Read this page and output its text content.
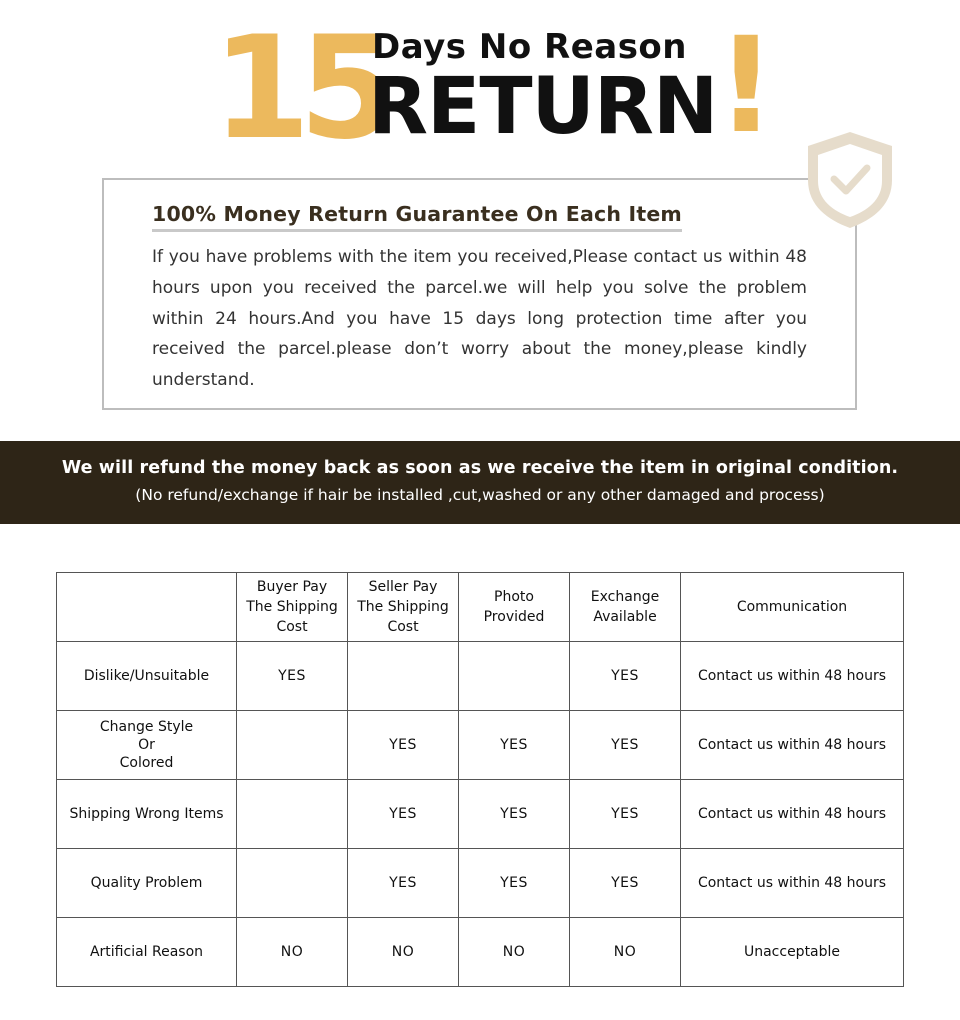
15
Days No Reason
RETURN
!
100% Money Return Guarantee On Each Item
If you have problems with the item you received,Please contact us within 48 hours upon you received the parcel.we will help you solve the problem within 24 hours.And you have 15 days long protection time after you received the parcel.please don’t worry about the money,please kindly understand.
We will refund the money back as soon as we receive the item in original condition.
(No refund/exchange if hair be installed ,cut,washed or any other damaged and process)
	Buyer Pay
The Shipping
Cost	Seller Pay
The Shipping
Cost	Photo
Provided	Exchange
Available	Communication
Dislike/Unsuitable	YES			YES	Contact us within 48 hours
Change Style
Or
Colored		YES	YES	YES	Contact us within 48 hours
Shipping Wrong Items		YES	YES	YES	Contact us within 48 hours
Quality Problem		YES	YES	YES	Contact us within 48 hours
Artificial Reason	NO	NO	NO	NO	Unacceptable
